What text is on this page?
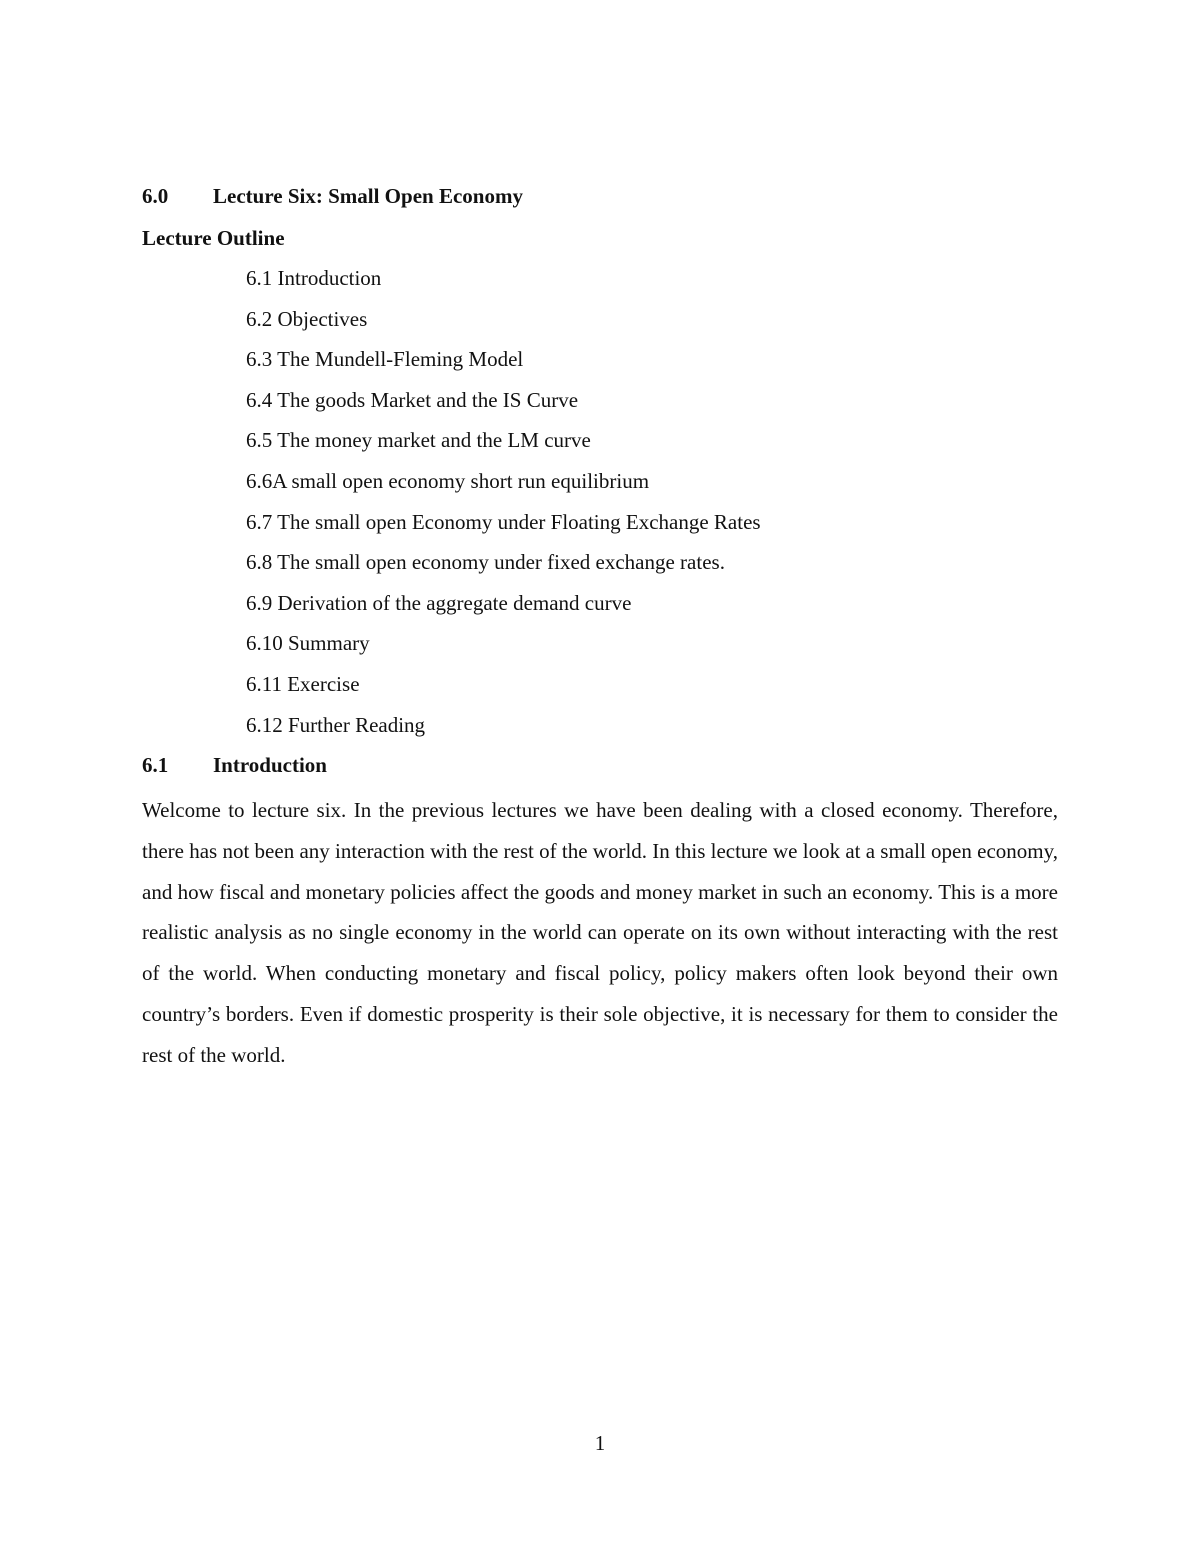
6.0 Lecture Six: Small Open Economy
Lecture Outline
6.1 Introduction
6.2 Objectives
6.3 The Mundell-Fleming Model
6.4 The goods Market and the IS Curve
6.5 The money market and the LM curve
6.6A small open economy short run equilibrium
6.7 The small open Economy under Floating Exchange Rates
6.8 The small open economy under fixed exchange rates.
6.9 Derivation of the aggregate demand curve
6.10 Summary
6.11 Exercise
6.12 Further Reading
6.1 Introduction

Welcome to lecture six. In the previous lectures we have been dealing with a closed economy. Therefore, there has not been any interaction with the rest of the world. In this lecture we look at a small open economy, and how fiscal and monetary policies affect the goods and money market in such an economy. This is a more realistic analysis as no single economy in the world can operate on its own without interacting with the rest of the world. When conducting monetary and fiscal policy, policy makers often look beyond their own country’s borders. Even if domestic prosperity is their sole objective, it is necessary for them to consider the rest of the world.

1
